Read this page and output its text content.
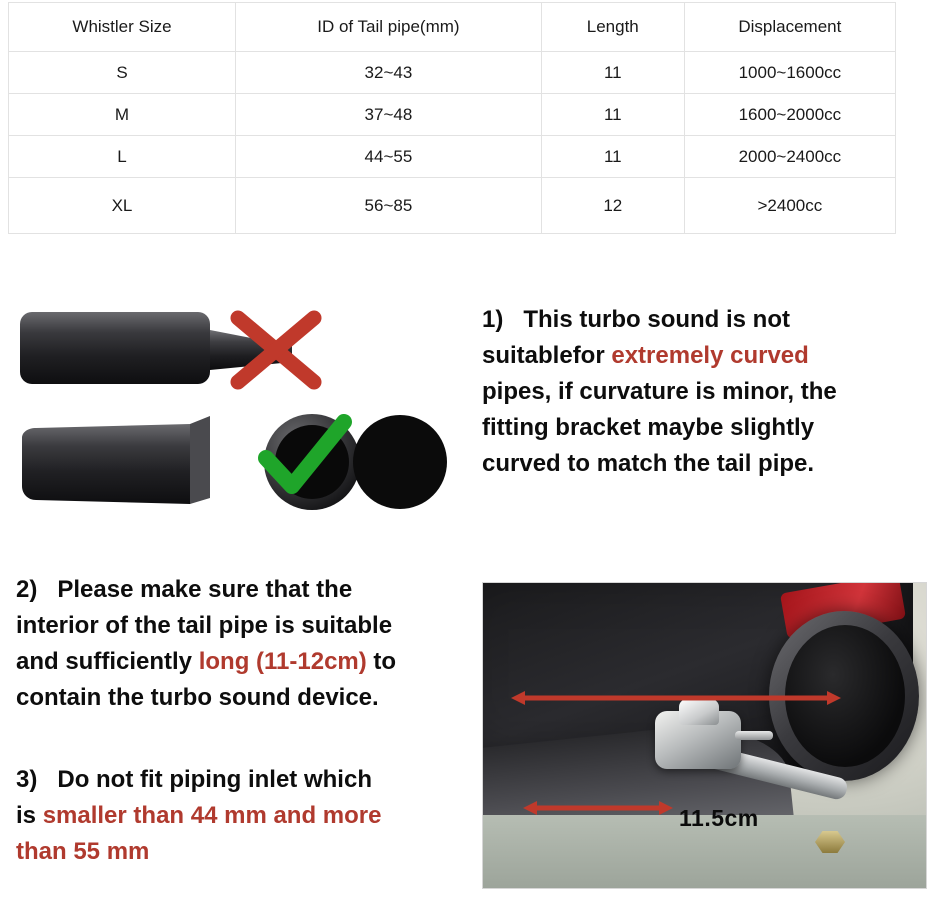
Whistler Size	ID of Tail pipe(mm)	Length	Displacement
S	32~43	11	1000~1600cc
M	37~48	11	1600~2000cc
L	44~55	11	2000~2400cc
XL	56~85	12	>2400cc
1) This turbo sound is not
suitablefor extremely curved
pipes, if curvature is minor, the
fitting bracket maybe slightly
curved to match the tail pipe.
2) Please make sure that the
interior of the tail pipe is suitable
and sufficiently long (11-12cm) to
contain the turbo sound device.
3) Do not fit piping inlet which
is smaller than 44 mm and more
than 55 mm
11.5cm
